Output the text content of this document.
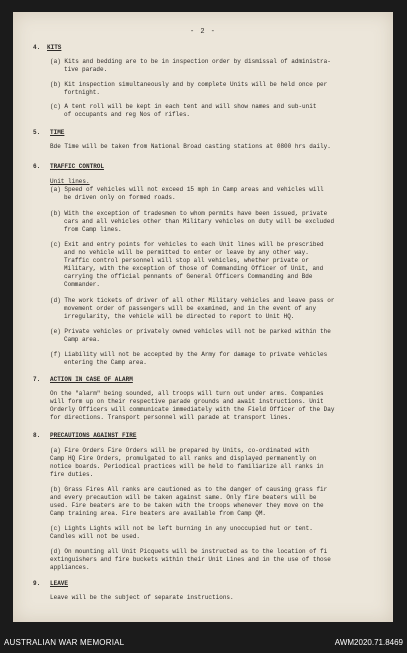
- 2 -
4. KITS
(a) Kits and bedding are to be in inspection order by dismissal of administra-
tive parade.
(b) Kit inspection simultaneously and by complete Units will be held once per
fortnight.
(c) A tent roll will be kept in each tent and will show names and sub-unit
of occupants and reg Nos of rifles.
5. TIME
Bde Time will be taken from National Broad casting stations at 0800 hrs daily.
6. TRAFFIC CONTROL
Unit lines.
(a) Speed of vehicles will not exceed 15 mph in Camp areas and vehicles will
be driven only on formed roads.
(b) With the exception of tradesmen to whom permits have been issued, private
cars and all vehicles other than Military vehicles on duty will be excluded
from Camp lines.
(c) Exit and entry points for vehicles to each Unit lines will be prescribed
and no vehicle will be permitted to enter or leave by any other way.
Traffic control personnel will stop all vehicles, whether private or
Military, with the exception of those of Commanding Officer of Unit, and
carrying the official pennants of General Officers Commanding and Bde
Commander.
(d) The work tickets of driver of all other Military vehicles and leave pass or
movement order of passengers will be examined, and in the event of any
irregularity, the vehicle will be directed to report to Unit HQ.
(e) Private vehicles or privately owned vehicles will not be parked within the
Camp area.
(f) Liability will not be accepted by the Army for damage to private vehicles
entering the Camp area.
7. ACTION IN CASE OF ALARM
On the "alarm" being sounded, all troops will turn out under arms. Companies
will form up on their respective parade grounds and await instructions. Unit
Orderly Officers will communicate immediately with the Field Officer of the Day
for directions. Transport personnel will parade at transport lines.
8. PRECAUTIONS AGAINST FIRE
(a) Fire Orders Fire Orders will be prepared by Units, co-ordinated with
Camp HQ Fire Orders, promulgated to all ranks and displayed permanently on
notice boards. Periodical practices will be held to familiarize all ranks in
fire duties.
(b) Grass Fires All ranks are cautioned as to the danger of causing grass fir
and every precaution will be taken against same. Only fire beaters will be
used. Fire beaters are to be taken with the troops whenever they move on the
Camp training area. Fire beaters are available from Camp QM.
(c) Lights Lights will not be left burning in any unoccupied hut or tent.
Candles will not be used.
(d) On mounting all Unit Picquets will be instructed as to the location of fi
extinguishers and fire buckets within their Unit Lines and in the use of those
appliances.
9. LEAVE
Leave will be the subject of separate instructions.
AUSTRALIAN WAR MEMORIAL	AWM2020.71.8469
